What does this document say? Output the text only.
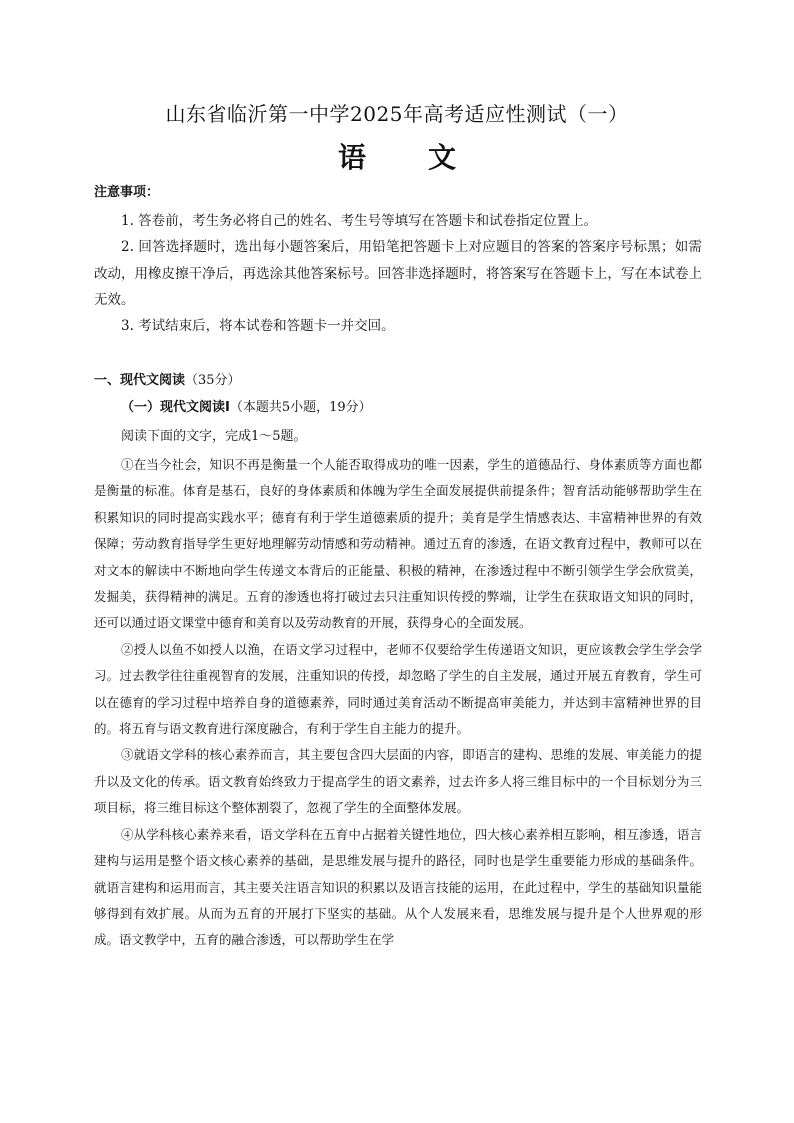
山东省临沂第一中学2025年高考适应性测试（一）
语 文
注意事项：
1. 答卷前，考生务必将自己的姓名、考生号等填写在答题卡和试卷指定位置上。
2. 回答选择题时，选出每小题答案后，用铅笔把答题卡上对应题目的答案的答案序号标黑；如需改动，用橡皮擦干净后，再选涂其他答案标号。回答非选择题时，将答案写在答题卡上，写在本试卷上无效。
3. 考试结束后，将本试卷和答题卡一并交回。
一、现代文阅读（35分）
（一）现代文阅读Ⅰ（本题共5小题，19分）
阅读下面的文字，完成1～5题。

①在当今社会，知识不再是衡量一个人能否取得成功的唯一因素，学生的道德品行、身体素质等方面也都是衡量的标准。体育是基石，良好的身体素质和体魄为学生全面发展提供前提条件；智育活动能够帮助学生在积累知识的同时提高实践水平；德育有利于学生道德素质的提升；美育是学生情感表达、丰富精神世界的有效保障；劳动教育指导学生更好地理解劳动情感和劳动精神。通过五育的渗透，在语文教育过程中，教师可以在对文本的解读中不断地向学生传递文本背后的正能量、积极的精神，在渗透过程中不断引领学生学会欣赏美，发掘美，获得精神的满足。五育的渗透也将打破过去只注重知识传授的弊端，让学生在获取语文知识的同时，还可以通过语文课堂中德育和美育以及劳动教育的开展，获得身心的全面发展。

②授人以鱼不如授人以渔，在语文学习过程中，老师不仅要给学生传递语文知识，更应该教会学生学会学习。过去教学往往重视智育的发展，注重知识的传授，却忽略了学生的自主发展，通过开展五育教育，学生可以在德育的学习过程中培养自身的道德素养，同时通过美育活动不断提高审美能力，并达到丰富精神世界的目的。将五育与语文教育进行深度融合，有利于学生自主能力的提升。

③就语文学科的核心素养而言，其主要包含四大层面的内容，即语言的建构、思维的发展、审美能力的提升以及文化的传承。语文教育始终致力于提高学生的语文素养，过去许多人将三维目标中的一个目标划分为三项目标，将三维目标这个整体割裂了，忽视了学生的全面整体发展。

④从学科核心素养来看，语文学科在五育中占据着关键性地位，四大核心素养相互影响，相互渗透，语言建构与运用是整个语文核心素养的基础，是思维发展与提升的路径，同时也是学生重要能力形成的基础条件。就语言建构和运用而言，其主要关注语言知识的积累以及语言技能的运用，在此过程中，学生的基础知识量能够得到有效扩展。从而为五育的开展打下坚实的基础。从个人发展来看，思维发展与提升是个人世界观的形成。语文教学中，五育的融合渗透，可以帮助学生在学
